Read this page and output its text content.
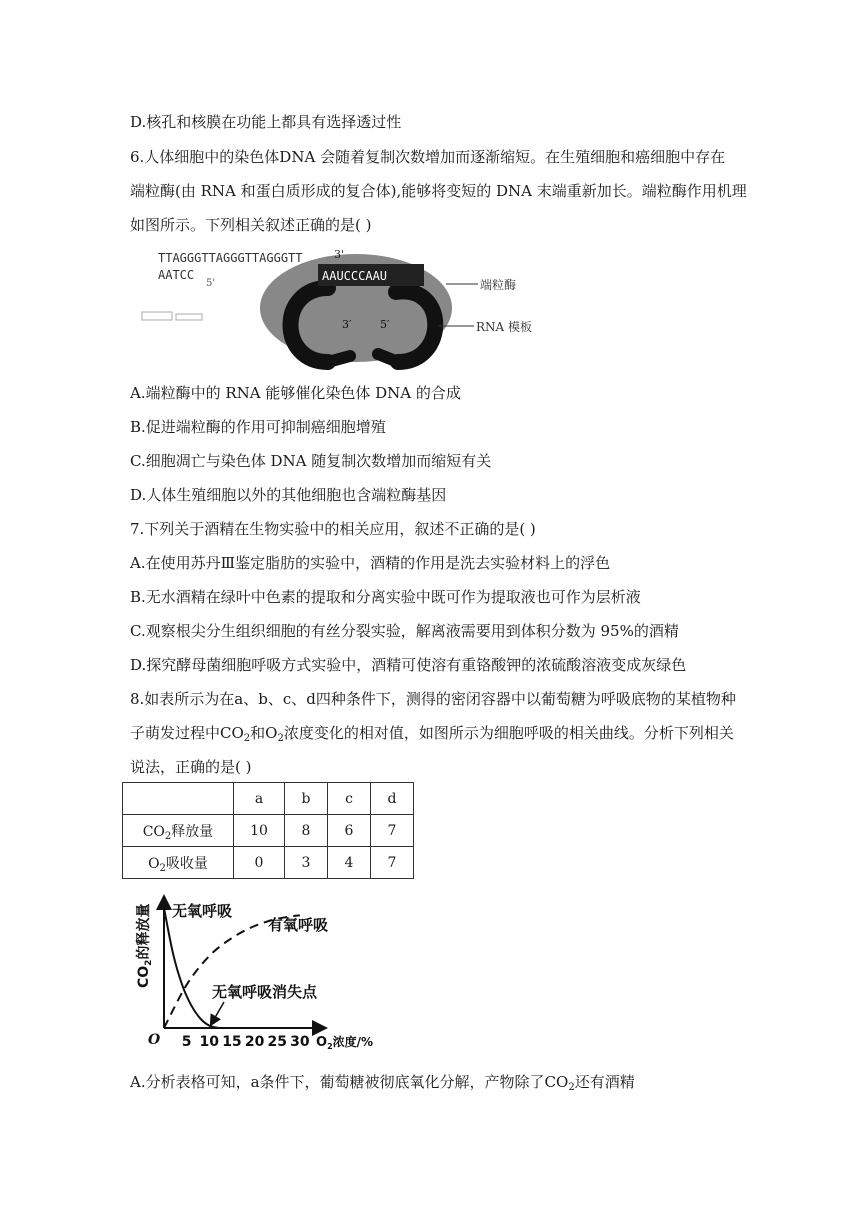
D.核孔和核膜在功能上都具有选择透过性
6.人体细胞中的染色体DNA 会随着复制次数增加而逐渐缩短。在生殖细胞和癌细胞中存在
端粒酶(由 RNA 和蛋白质形成的复合体),能够将变短的 DNA 末端重新加长。端粒酶作用机理
如图所示。下列相关叙述正确的是( )
TTAGGGTTAGGGTTAGGGTT
AATCC
5'
3'
AAUCCCAAU
3′	5′
端粒酶
RNA 模板
A.端粒酶中的 RNA 能够催化染色体 DNA 的合成
B.促进端粒酶的作用可抑制癌细胞增殖
C.细胞凋亡与染色体 DNA 随复制次数增加而缩短有关
D.人体生殖细胞以外的其他细胞也含端粒酶基因
7.下列关于酒精在生物实验中的相关应用，叙述不正确的是( )
A.在使用苏丹Ⅲ鉴定脂肪的实验中，酒精的作用是洗去实验材料上的浮色
B.无水酒精在绿叶中色素的提取和分离实验中既可作为提取液也可作为层析液
C.观察根尖分生组织细胞的有丝分裂实验，解离液需要用到体积分数为 95%的酒精
D.探究酵母菌细胞呼吸方式实验中，酒精可使溶有重铬酸钾的浓硫酸溶液变成灰绿色
8.如表所示为在a、b、c、d四种条件下，测得的密闭容器中以葡萄糖为呼吸底物的某植物种
子萌发过程中$CO_2$和$O_2$浓度变化的相对值，如图所示为细胞呼吸的相关曲线。分析下列相关
说法，正确的是( )
	a	b	c	d
$CO_2$释放量	10	8	6	7
$O_2$吸收量	0	3	4	7
$CO_2$的释放量
O 5 10 15 20 25 30 $O_2$浓度/%
无氧呼吸
有氧呼吸
无氧呼吸消失点
A.分析表格可知，a条件下，葡萄糖被彻底氧化分解，产物除了$CO_2$还有酒精
